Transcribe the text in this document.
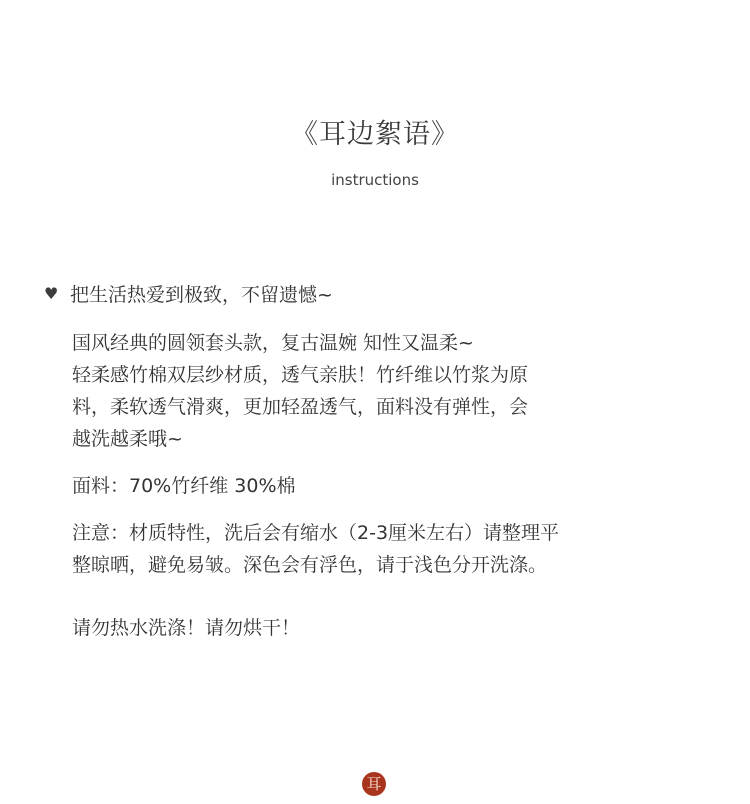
《耳边絮语》
instructions
♥ 把生活热爱到极致，不留遗憾~
国风经典的圆领套头款，复古温婉 知性又温柔~
轻柔感竹棉双层纱材质，透气亲肤！竹纤维以竹浆为原
料，柔软透气滑爽，更加轻盈透气，面料没有弹性，会
越洗越柔哦~
面料：70%竹纤维 30%棉
注意：材质特性，洗后会有缩水（2-3厘米左右）请整理平
整晾晒，避免易皱。深色会有浮色，请于浅色分开洗涤。
请勿热水洗涤！请勿烘干！
耳
